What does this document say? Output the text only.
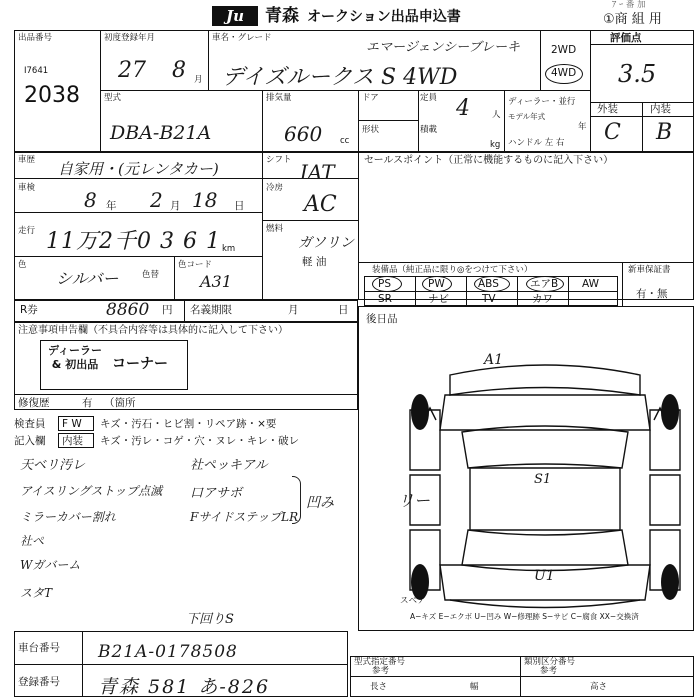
Ju	青森 オークション出品申込書
ｱ ｰ 番 加
①商 組 用
出品番号
I7641
2038
初度登録年月
27 8 月
車名・グレード
エマージェンシーブレーキ
デイズルークス S 4WD
2WD
4WD
評価点
3.5
型式
DBA-B21A
排気量
660 cc
ドア
形状
定員 4	人
積載
kg
ディーラー・並行
モデル年式
年
ハンドル 左 右
外装	内装
C B
車歴 自家用・(元レンタカー)
車検 8 年 2 月 18 日
走行 11万2千0 3 6 1 km
色
シルバー	色替
色コード
A31
シフト IAT
冷房
AC
燃料
ガソリン
軽 油
セールスポイント（正常に機能するものに記入下さい）
装備品（純正品に限り◎をつけて下さい）	新車保証書
有・無
PS	PW	ABS	エアB AW
SR	ナビ	TV	カワ
R券	8860 円 名義期限	月	日
注意事項申告欄（不具合内容等は具体的に記入して下さい）
ディーラー & 初出品 コーナー
修復歴	有 （箇所
後日品
検査員 F W キズ・汚石・ヒビ割・リペア跡・×要
記入欄 内装 キズ・汚レ・コゲ・穴・ヌレ・キレ・破レ
天ベリ汚レ
アイスリングストップ点滅
ミラーカバー割れ
社ペ
Wガバーム
スタT
社ペッキアル
口アサボ
FサイドステップLR
凹み
下回りS
A1
リー
S1
U1
スペア
A−キズ E−エクボ U−凹み W−修理跡 S−サビ C−腐食 XX−交換済
車台番号 B21A-0178508
登録番号 青森 581 あ-826
型式指定番号
参考
類別区分番号
参考
長さ	幅	高さ
